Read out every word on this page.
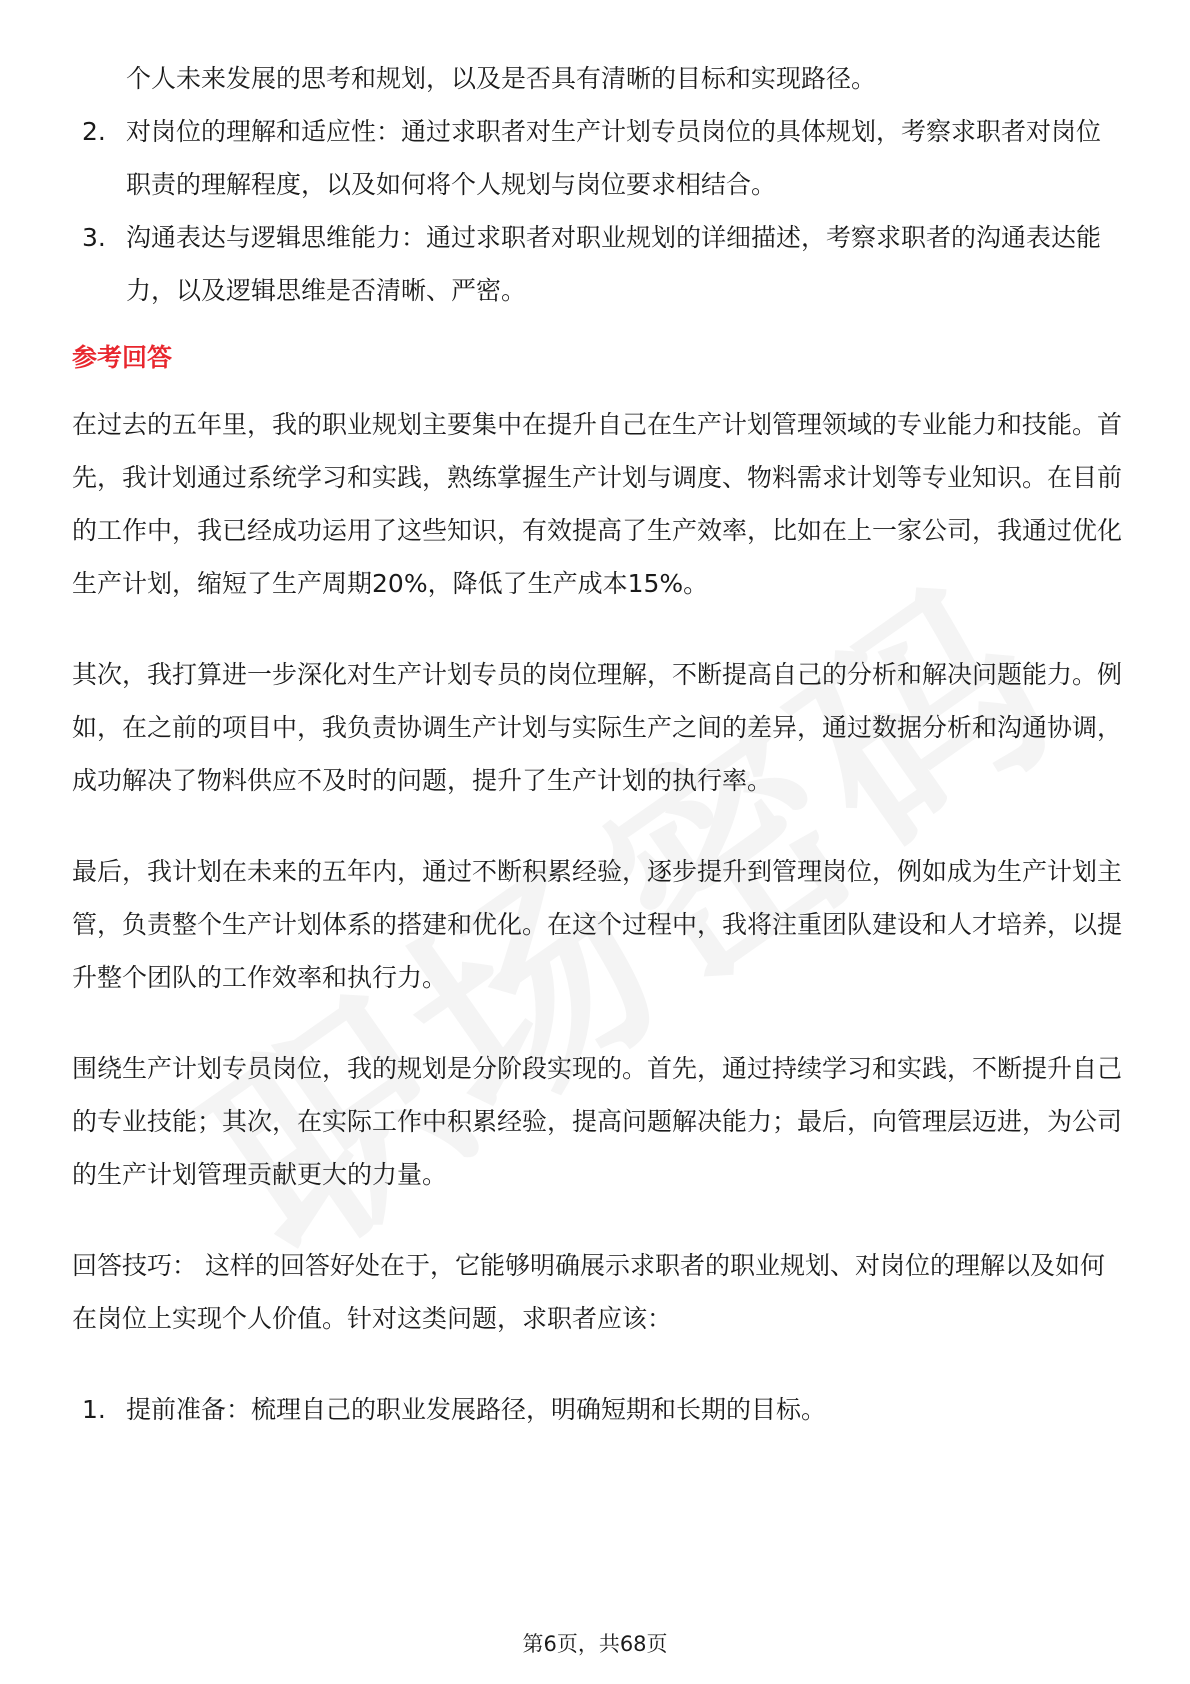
个人未来发展的思考和规划，以及是否具有清晰的目标和实现路径。

2. 对岗位的理解和适应性：通过求职者对生产计划专员岗位的具体规划，考察求职者对岗位职责的理解程度，以及如何将个人规划与岗位要求相结合。
3. 沟通表达与逻辑思维能力：通过求职者对职业规划的详细描述，考察求职者的沟通表达能力，以及逻辑思维是否清晰、严密。
参考回答

在过去的五年里，我的职业规划主要集中在提升自己在生产计划管理领域的专业能力和技能。首先，我计划通过系统学习和实践，熟练掌握生产计划与调度、物料需求计划等专业知识。在目前的工作中，我已经成功运用了这些知识，有效提高了生产效率，比如在上一家公司，我通过优化生产计划，缩短了生产周期20%，降低了生产成本15%。

其次，我打算进一步深化对生产计划专员的岗位理解，不断提高自己的分析和解决问题能力。例如，在之前的项目中，我负责协调生产计划与实际生产之间的差异，通过数据分析和沟通协调，成功解决了物料供应不及时的问题，提升了生产计划的执行率。

最后，我计划在未来的五年内，通过不断积累经验，逐步提升到管理岗位，例如成为生产计划主管，负责整个生产计划体系的搭建和优化。在这个过程中，我将注重团队建设和人才培养，以提升整个团队的工作效率和执行力。

围绕生产计划专员岗位，我的规划是分阶段实现的。首先，通过持续学习和实践，不断提升自己的专业技能；其次，在实际工作中积累经验，提高问题解决能力；最后，向管理层迈进，为公司的生产计划管理贡献更大的力量。

回答技巧： 这样的回答好处在于，它能够明确展示求职者的职业规划、对岗位的理解以及如何在岗位上实现个人价值。针对这类问题，求职者应该：

1. 提前准备：梳理自己的职业发展路径，明确短期和长期的目标。
第6页，共68页
